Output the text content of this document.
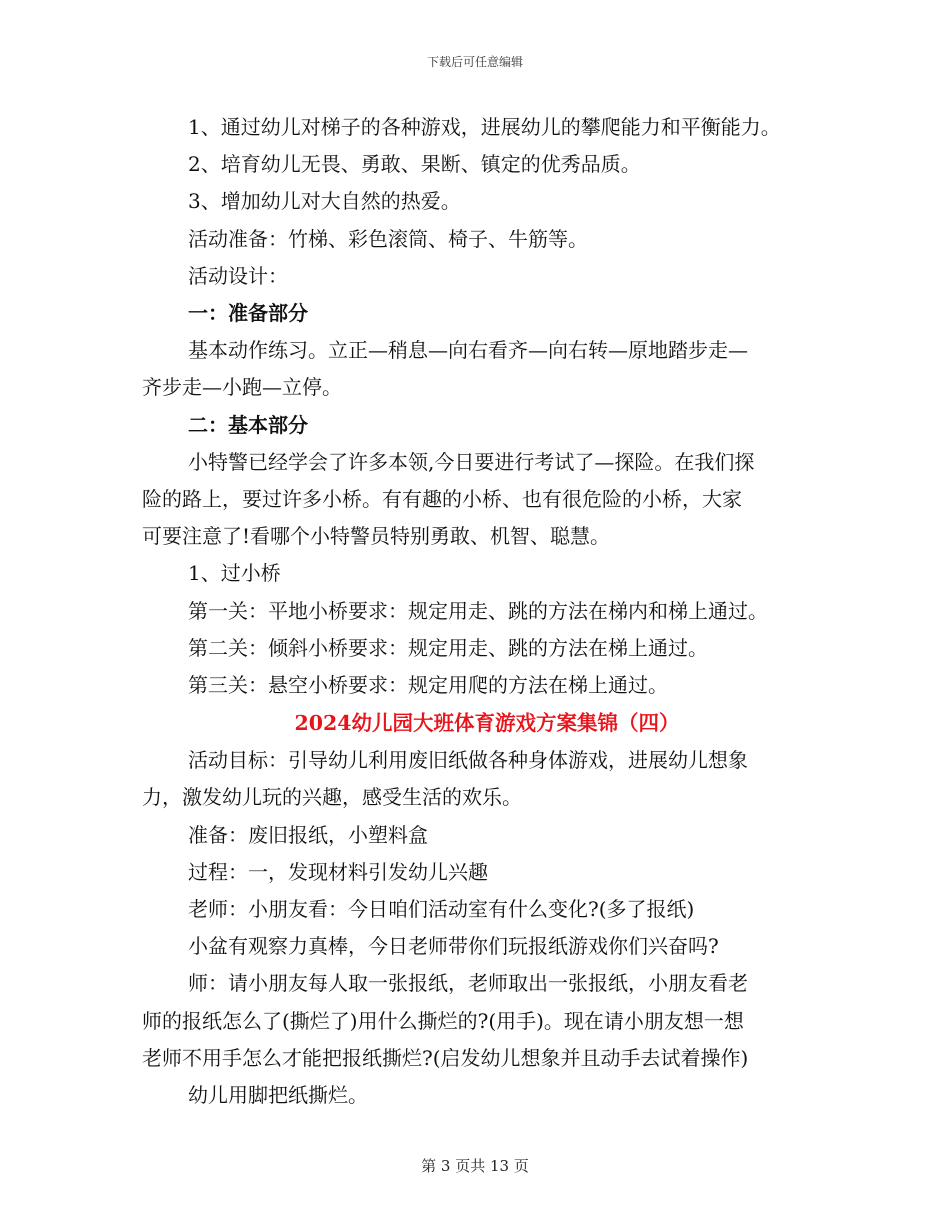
下载后可任意编辑
1、通过幼儿对梯子的各种游戏，进展幼儿的攀爬能力和平衡能力。
2、培育幼儿无畏、勇敢、果断、镇定的优秀品质。
3、增加幼儿对大自然的热爱。
活动准备：竹梯、彩色滚筒、椅子、牛筋等。
活动设计：
一：准备部分
基本动作练习。立正—稍息—向右看齐—向右转—原地踏步走—
齐步走—小跑—立停。
二：基本部分
小特警已经学会了许多本领,今日要进行考试了—探险。在我们探
险的路上，要过许多小桥。有有趣的小桥、也有很危险的小桥，大家
可要注意了!看哪个小特警员特别勇敢、机智、聪慧。
1、过小桥
第一关：平地小桥要求：规定用走、跳的方法在梯内和梯上通过。
第二关：倾斜小桥要求：规定用走、跳的方法在梯上通过。
第三关：悬空小桥要求：规定用爬的方法在梯上通过。
2024幼儿园大班体育游戏方案集锦（四）
活动目标：引导幼儿利用废旧纸做各种身体游戏，进展幼儿想象
力，激发幼儿玩的兴趣，感受生活的欢乐。
准备：废旧报纸，小塑料盒
过程：一，发现材料引发幼儿兴趣
老师：小朋友看：今日咱们活动室有什么变化?(多了报纸)
小盆有观察力真棒，今日老师带你们玩报纸游戏你们兴奋吗?
师：请小朋友每人取一张报纸，老师取出一张报纸，小朋友看老
师的报纸怎么了(撕烂了)用什么撕烂的?(用手)。现在请小朋友想一想
老师不用手怎么才能把报纸撕烂?(启发幼儿想象并且动手去试着操作)
幼儿用脚把纸撕烂。
第 3 页共 13 页
